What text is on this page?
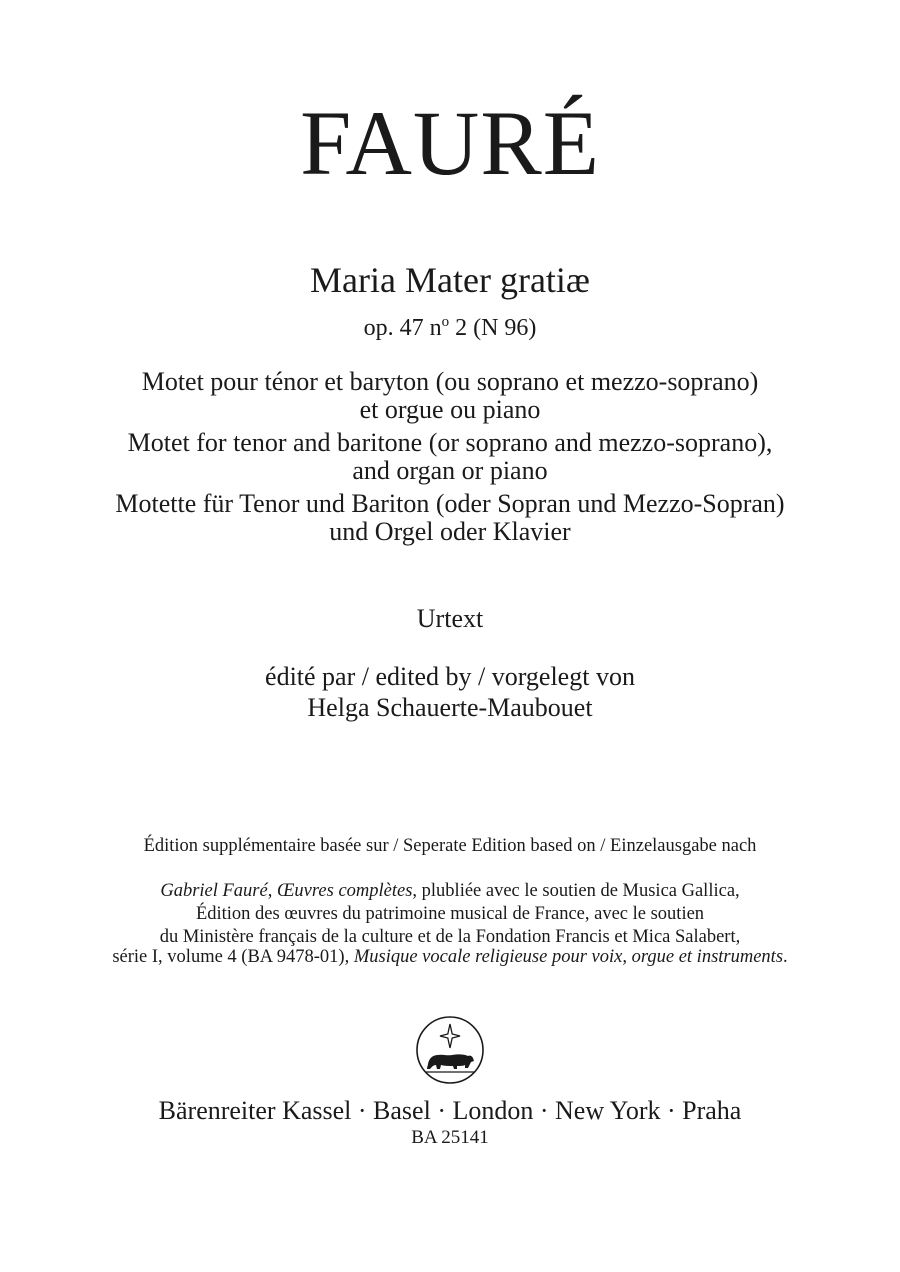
FAURÉ
Maria Mater gratiæ
op. 47 $n^o$ 2 (N 96)
Motet pour ténor et baryton (ou soprano et mezzo-soprano)
et orgue ou piano
Motet for tenor and baritone (or soprano and mezzo-soprano),
and organ or piano
Motette für Tenor und Bariton (oder Sopran und Mezzo-Sopran)
und Orgel oder Klavier
Urtext
édité par / edited by / vorgelegt von
Helga Schauerte-Maubouet
Édition supplémentaire basée sur / Seperate Edition based on / Einzelausgabe nach
Gabriel Fauré, Œuvres complètes, plubliée avec le soutien de Musica Gallica,
Édition des œuvres du patrimoine musical de France, avec le soutien
du Ministère français de la culture et de la Fondation Francis et Mica Salabert,
série I, volume 4 (BA 9478-01), Musique vocale religieuse pour voix, orgue et instruments.
Bärenreiter Kassel · Basel · London · New York · Praha
BA 25141
